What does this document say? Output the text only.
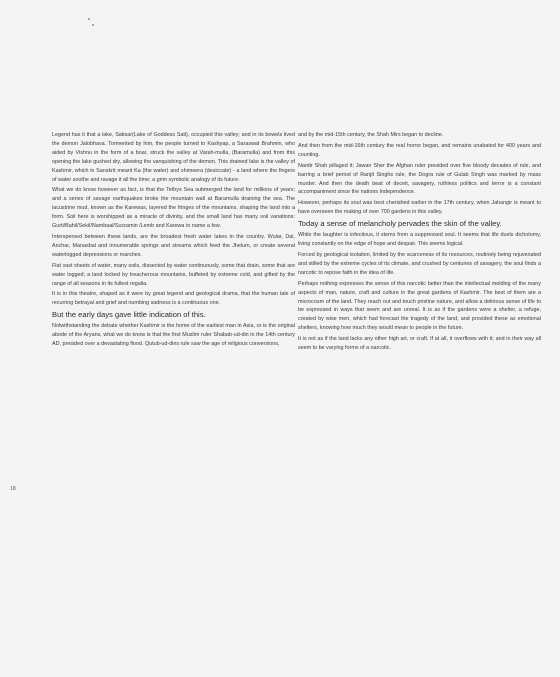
18

Legend has it that a lake, Satisar(Lake of Goddess Sati), occupied this valley; and in its bowels lived the demon Jalobhava. Tormented by him, the people turned to Kashyap, a Saraswat Brahmin, who aided by Vishnu in the form of a boar, struck the valley at Varah-mulla, (Baramulla) and from this opening the lake gushed dry, allowing the vanquishing of the demon. This drained lake is the valley of Kashmir, which in Sanskrit meant Ka (the water) and shimeera (desiccate) - a land where the fingers of water soothe and ravage it all the time; a grim symbolic analogy of its future.

What we do know however as fact, is that the Tethys Sea submerged the land for millions of years; and a series of savage earthquakes broke the mountain wall at Baramulla draining the sea. The lacustrine mud, known as the Karewas, layered the fringes of the mountains, shaping the land into a form. Soil here is worshipped as a miracle of divinity, and the small land has many soil variations: Gurti/Bahil/Sekil/Nambaal/Surzamin /Lemb and Karewa to name a few.

Interspersed between these lands, are the broadest fresh water lakes in the country. Wular, Dal, Anchar, Manasbal and innumerable springs and streams which feed the Jhelum, or create several waterlogged depressions or marshes.

Flat vast sheets of water, many soils, dissected by water continuously, some that drain, some that are water logged; a land locked by treacherous mountains, buffeted by extreme cold, and gifted by the range of all seasons in its fullest regalia.

It is in this theatre, shaped as it were by great legend and geological drama, that the human tale of recurring betrayal and grief and numbing sadness is a continuous one.

But the early days gave little indication of this.

Notwithstanding the debate whether Kashmir is the home of the earliest man in Asia, or is the original abode of the Aryans, what we do know is that the first Muslim ruler Shabab-ud-din in the 14th century AD, presided over a devastating flood. Qutub-ud-dins rule saw the age of religious conversions,

and by the mid-15th century, the Shah Mirs began to decline.

And then from the mid-16th century the real horror began, and remains unabated for 400 years and counting.

Nardir Shah pillaged it; Jawan Sher the Afghan ruler presided over five bloody decades of rule, and barring a brief period of Ranjit Singhs rule, the Dogra rule of Gulab Singh was marked by mass murder. And then the death beat of deceit, savagery, ruthless politics and terror is a constant accompaniment since the nations Independence.

However, perhaps its soul was best cherished earlier in the 17th century, when Jahangir is meant to have overseen the making of over 700 gardens in this valley.

Today a sense of melancholy pervades the skin of the valley.

While the laughter is infectious, it stems from a suppressed soul. It seems that life duels dichotomy, living constantly on the edge of hope and despair. This seems logical.

Forced by geological isolation, limited by the scarceness of its resources, routinely being rejuvenated and stilled by the extreme cycles of its climate, and crushed by centuries of savagery, the soul finds a narcotic to repose faith in the idea of life.

Perhaps nothing expresses the sense of this narcotic better than the intellectual melding of the many aspects of man, nature, craft and culture in the great gardens of Kashmir. The best of them are a microcosm of the land. They reach out and touch pristine nature, and allow a delirious sense of life to be expressed in ways that seem and are unreal. It is as if the gardens were a shelter, a refuge, created by wise men, which had forecast the tragedy of the land, and provided these as emotional shelters, knowing how much they would mean to people in the future.

It is not as if the land lacks any other high art, or craft. If at all, it overflows with it; and in their way all seem to be varying forms of a narcotic.
